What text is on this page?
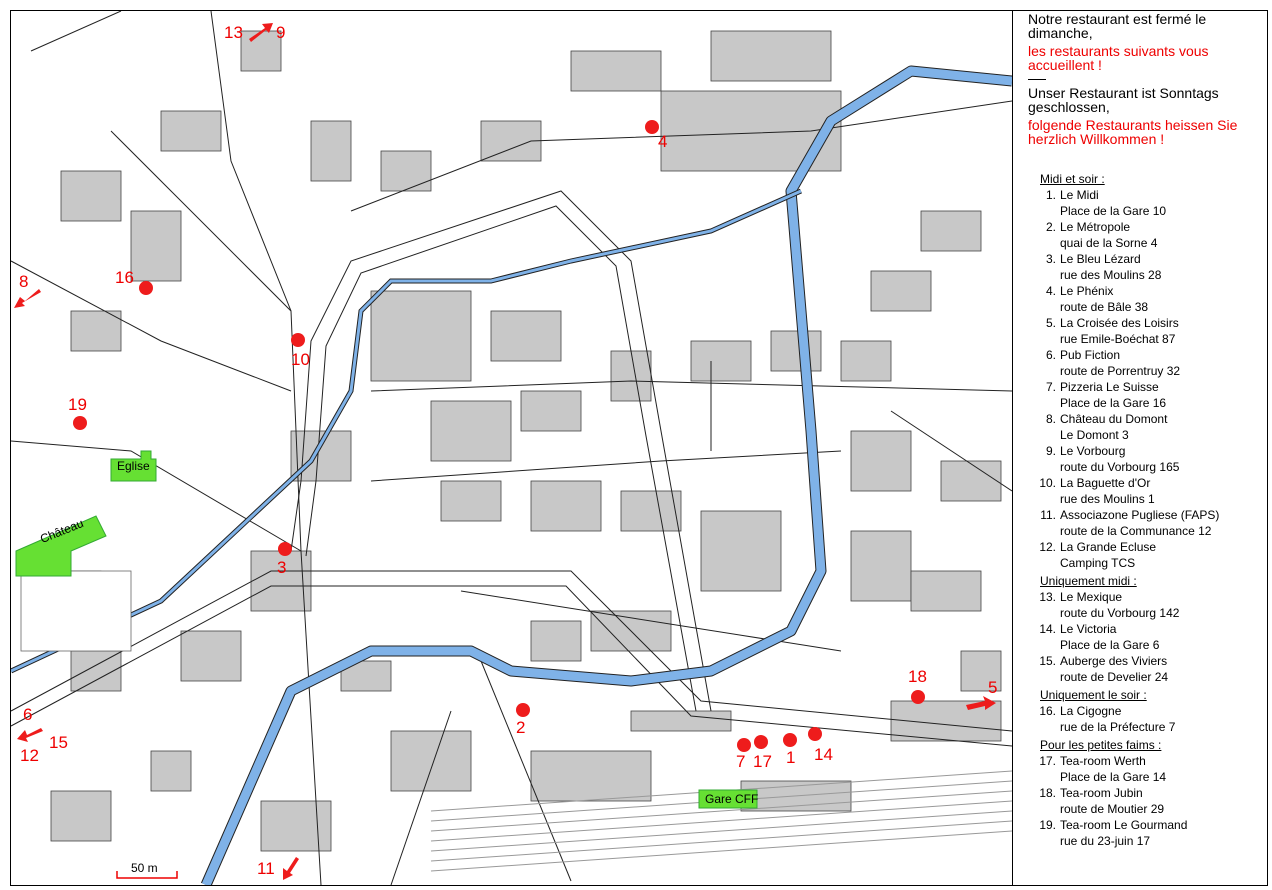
1
2
3
4
5
6
7
8
9
10
11
12
13
14
15
16
17
18
19
Eglise
Château
Gare CFF
50 m
Notre restaurant est fermé le dimanche,
les restaurants suivants vous accueillent !
Unser Restaurant ist Sonntags geschlossen,
folgende Restaurants heissen Sie herzlich Willkommen !
Midi et soir :
1. Le Midi
Place de la Gare 10
2. Le Métropole
quai de la Sorne 4
3. Le Bleu Lézard
rue des Moulins 28
4. Le Phénix
route de Bâle 38
5. La Croisée des Loisirs
rue Emile-Boéchat 87
6. Pub Fiction
route de Porrentruy 32
7. Pizzeria Le Suisse
Place de la Gare 16
8. Château du Domont
Le Domont 3
9. Le Vorbourg
route du Vorbourg 165
10. La Baguette d'Or
rue des Moulins 1
11. Associazone Pugliese (FAPS)
route de la Communance 12
12. La Grande Ecluse
Camping TCS
Uniquement midi :
13. Le Mexique
route du Vorbourg 142
14. Le Victoria
Place de la Gare 6
15. Auberge des Viviers
route de Develier 24
Uniquement le soir :
16. La Cigogne
rue de la Préfecture 7
Pour les petites faims :
17. Tea-room Werth
Place de la Gare 14
18. Tea-room Jubin
route de Moutier 29
19. Tea-room Le Gourmand
rue du 23-juin 17
